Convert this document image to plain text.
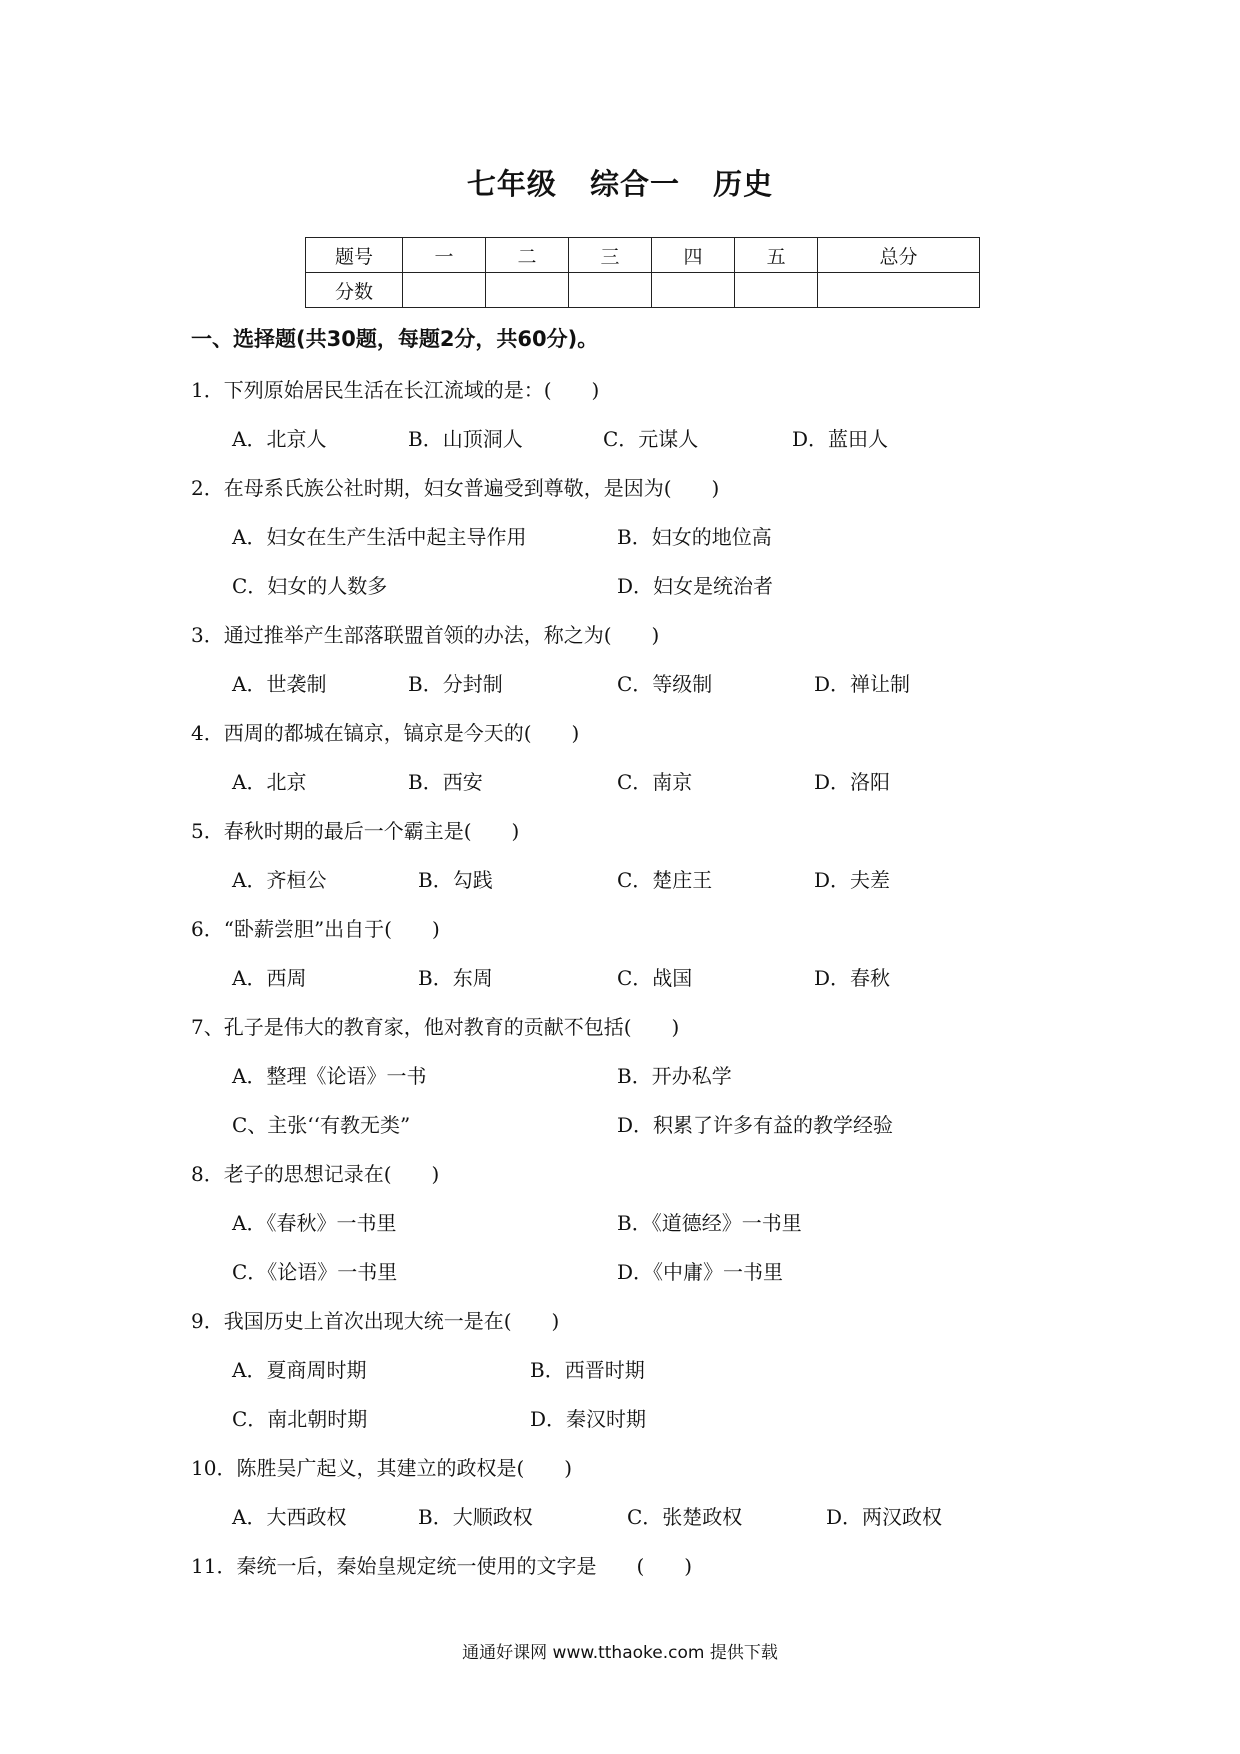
七年级 综合一 历史
题号	一	二	三	四	五	总分
分数						
一、选择题(共30题，每题2分，共60分)。
1．下列原始居民生活在长江流域的是：(　　)
A．北京人	B．山顶洞人	C．元谋人	D．蓝田人
2．在母系氏族公社时期，妇女普遍受到尊敬，是因为(　　)
A．妇女在生产生活中起主导作用	B．妇女的地位高
C．妇女的人数多	D．妇女是统治者
3．通过推举产生部落联盟首领的办法，称之为(　　)
A．世袭制	B．分封制	C．等级制	D．禅让制
4．西周的都城在镐京，镐京是今天的(　　)
A．北京	B．西安	C．南京	D．洛阳
5．春秋时期的最后一个霸主是(　　)
A．齐桓公	B．勾践	C．楚庄王	D．夫差
6．“卧薪尝胆”出自于(　　)
A．西周	B．东周	C．战国	D．春秋
7、孔子是伟大的教育家，他对教育的贡献不包括(　　)
A．整理《论语》一书	B．开办私学
C、主张‘‘有教无类”	D．积累了许多有益的教学经验
8．老子的思想记录在(　　)
A．《春秋》一书里	B．《道德经》一书里
C．《论语》一书里	D．《中庸》一书里
9．我国历史上首次出现大统一是在(　　)
A．夏商周时期	B．西晋时期
C．南北朝时期	D．秦汉时期
10．陈胜吴广起义，其建立的政权是(　　)
A．大西政权	B．大顺政权	C．张楚政权	D．两汉政权
11．秦统一后，秦始皇规定统一使用的文字是　　(　　)
通通好课网 www.tthaoke.com 提供下载
